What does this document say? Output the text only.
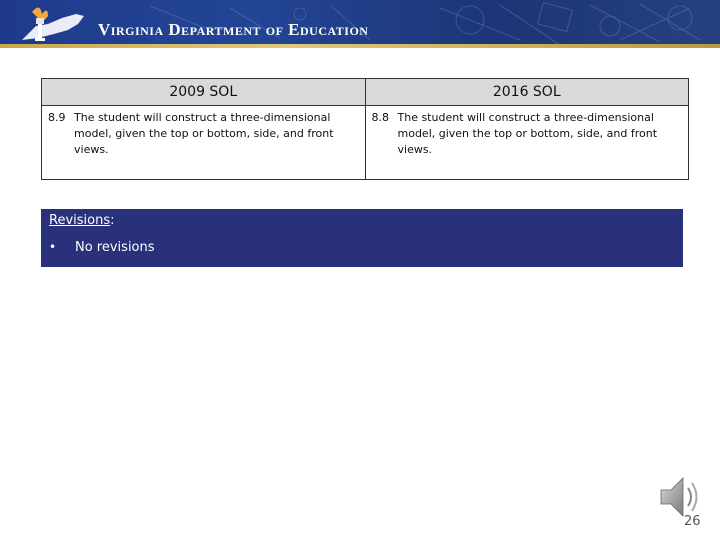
Virginia Department of Education
2009 SOL
8.9 The student will construct a three-dimensional model, given the top or bottom, side, and front views.
2016 SOL
8.8 The student will construct a three-dimensional model, given the top or bottom, side, and front views.
Revisions:
•	No revisions
26
